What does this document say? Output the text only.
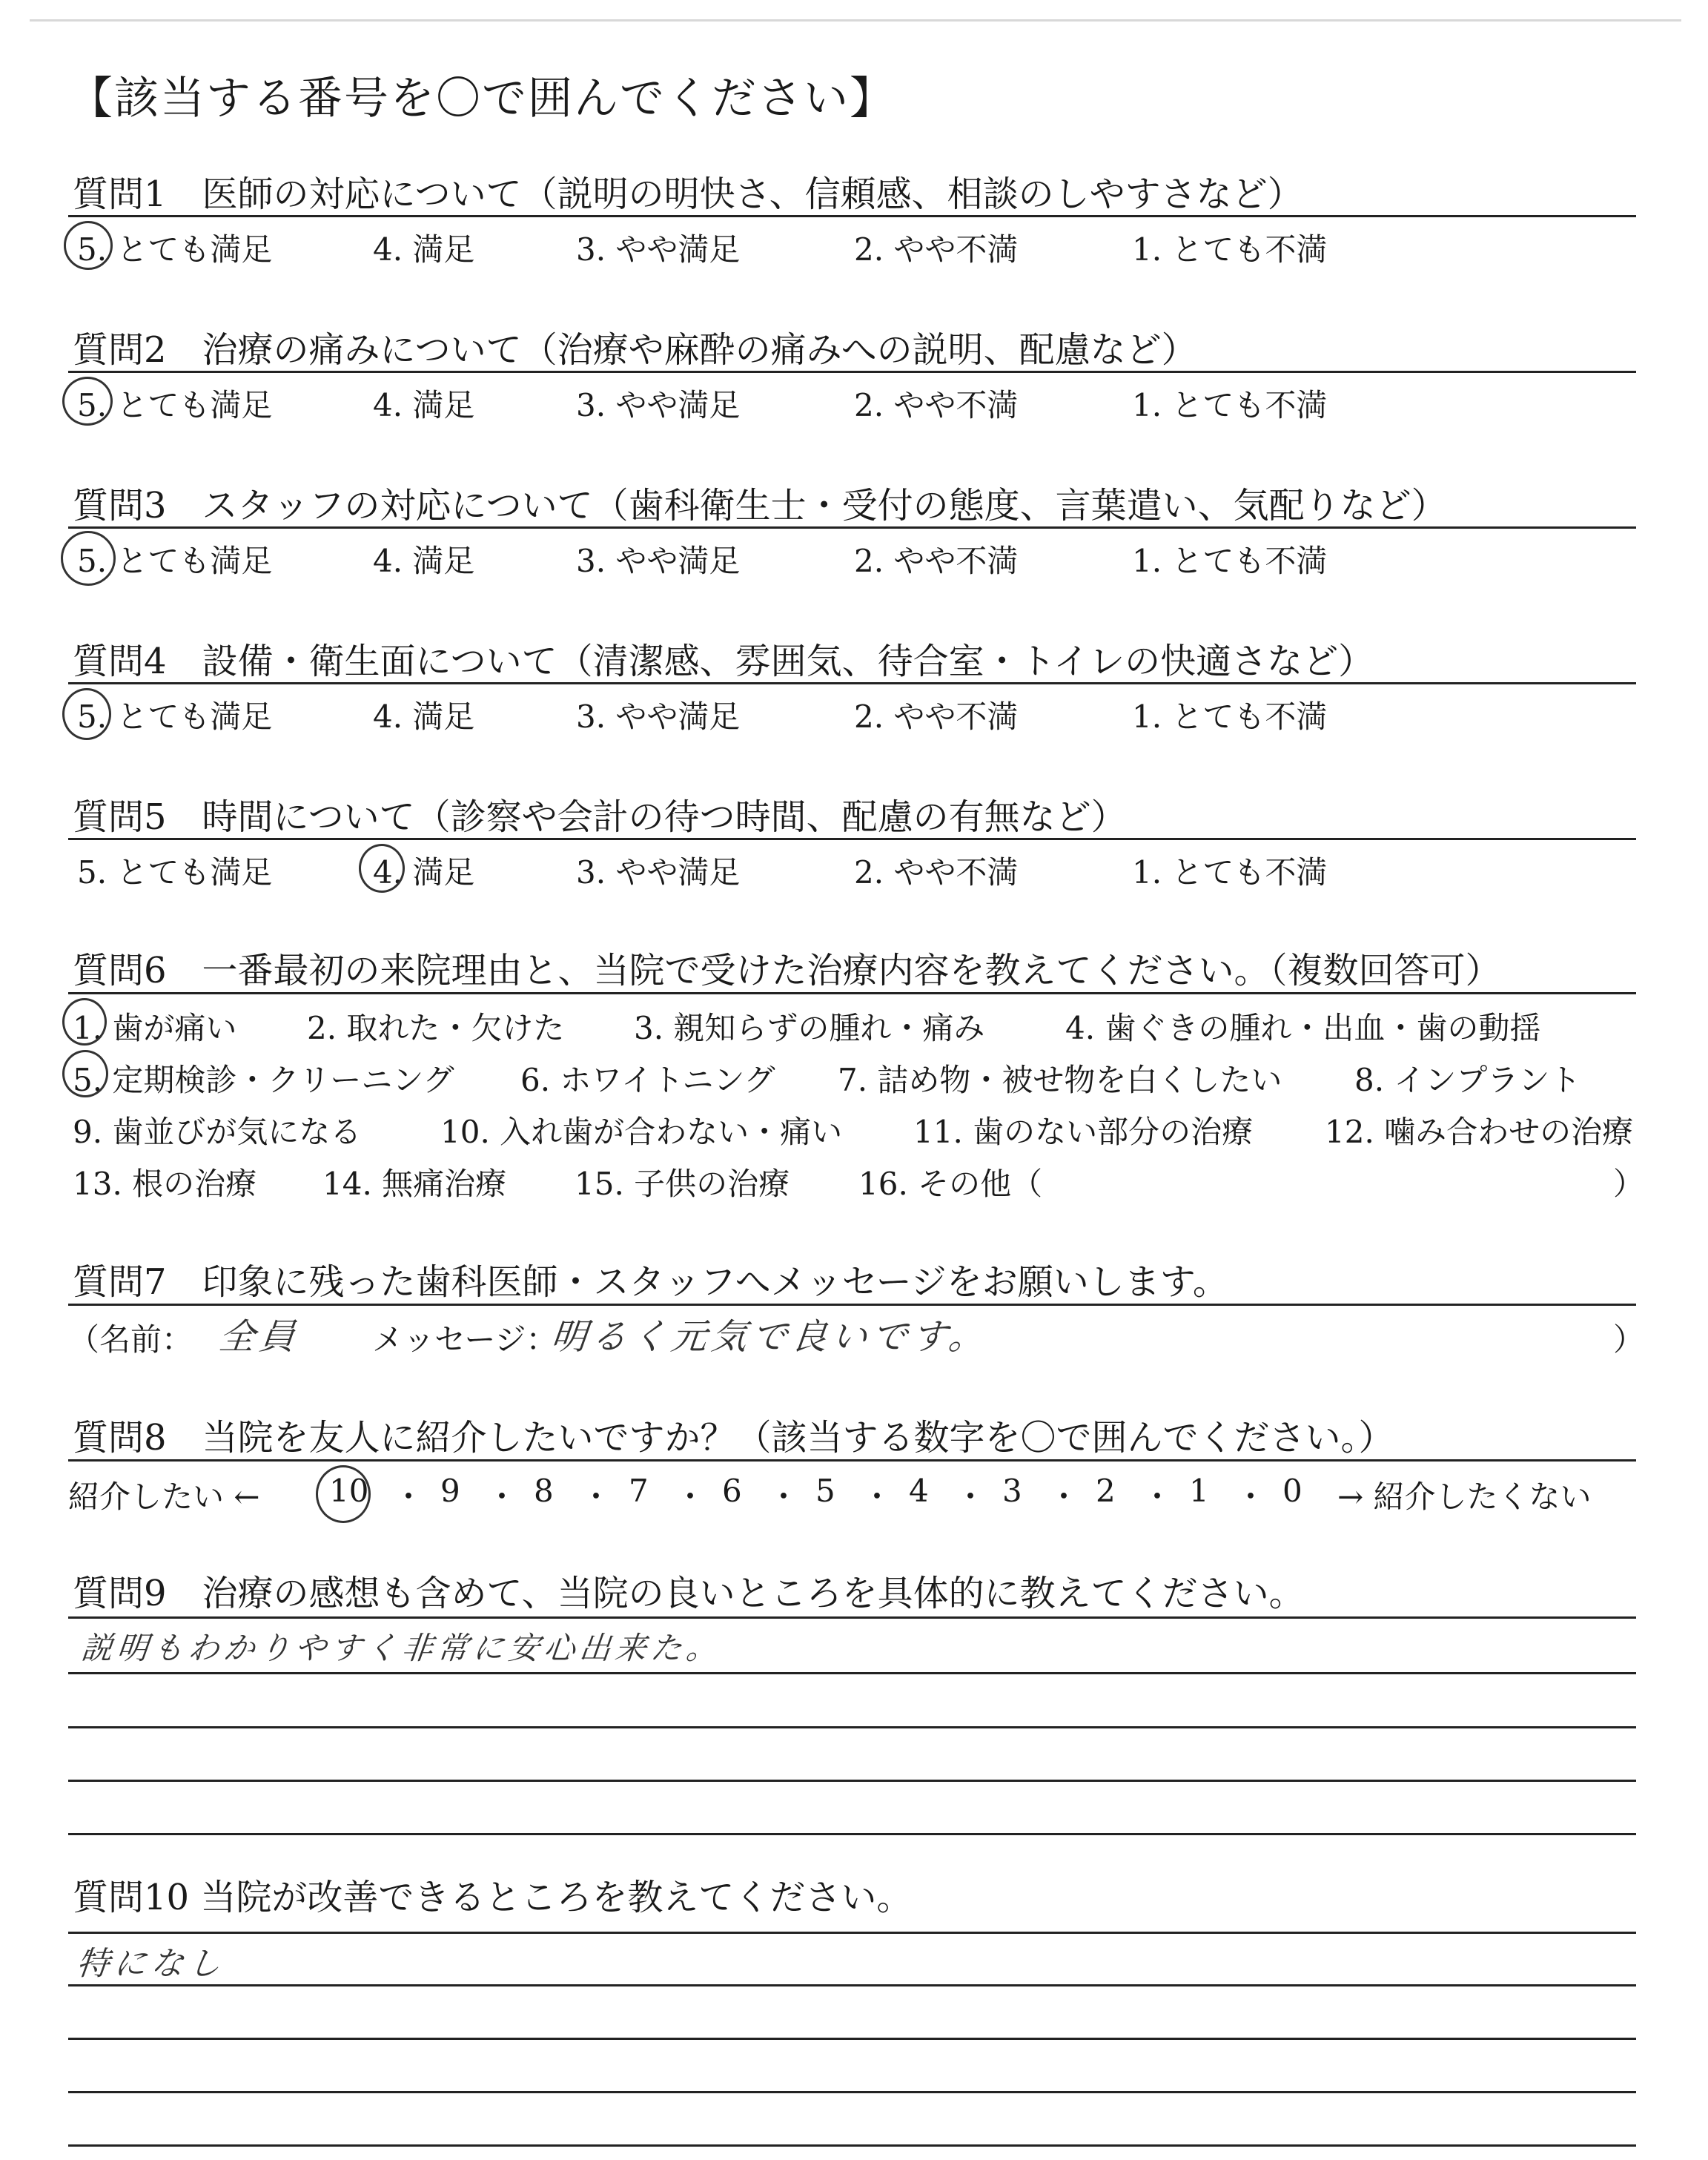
【該当する番号を〇で囲んでください】
質問1　医師の対応について（説明の明快さ、信頼感、相談のしやすさなど）
5. とても満足	4. 満足	3. やや満足	2. やや不満	1. とても不満
質問2　治療の痛みについて（治療や麻酔の痛みへの説明、配慮など）
5. とても満足	4. 満足	3. やや満足	2. やや不満	1. とても不満
質問3　スタッフの対応について（歯科衛生士・受付の態度、言葉遣い、気配りなど）
5. とても満足	4. 満足	3. やや満足	2. やや不満	1. とても不満
質問4　設備・衛生面について（清潔感、雰囲気、待合室・トイレの快適さなど）
5. とても満足	4. 満足	3. やや満足	2. やや不満	1. とても不満
質問5　時間について（診察や会計の待つ時間、配慮の有無など）
5. とても満足	4. 満足	3. やや満足	2. やや不満	1. とても不満
質問6　一番最初の来院理由と、当院で受けた治療内容を教えてください。（複数回答可）
1. 歯が痛い 2. 取れた・欠けた 3. 親知らずの腫れ・痛み	4. 歯ぐきの腫れ・出血・歯の動揺
5. 定期検診・クリーニング 6. ホワイトニング 7. 詰め物・被せ物を白くしたい 8. インプラント
9. 歯並びが気になる	10. 入れ歯が合わない・痛い 11. 歯のない部分の治療 12. 噛み合わせの治療
13. 根の治療 14. 無痛治療 15. 子供の治療 16. その他（	）
質問7　印象に残った歯科医師・スタッフへメッセージをお願いします。
（名前： 全員 メッセージ：
明るく元気で良いです。	）
質問8　当院を友人に紹介したいですか？（該当する数字を〇で囲んでください。）
紹介したい ← 10 ・ 9 ・ 8 ・ 7 ・ 6 ・ 5 ・ 4 ・ 3 ・ 2 ・ 1 ・ 0 → 紹介したくない
質問9　治療の感想も含めて、当院の良いところを具体的に教えてください。
説明もわかりやすく非常に安心出来た。
質問10 当院が改善できるところを教えてください。
特になし
